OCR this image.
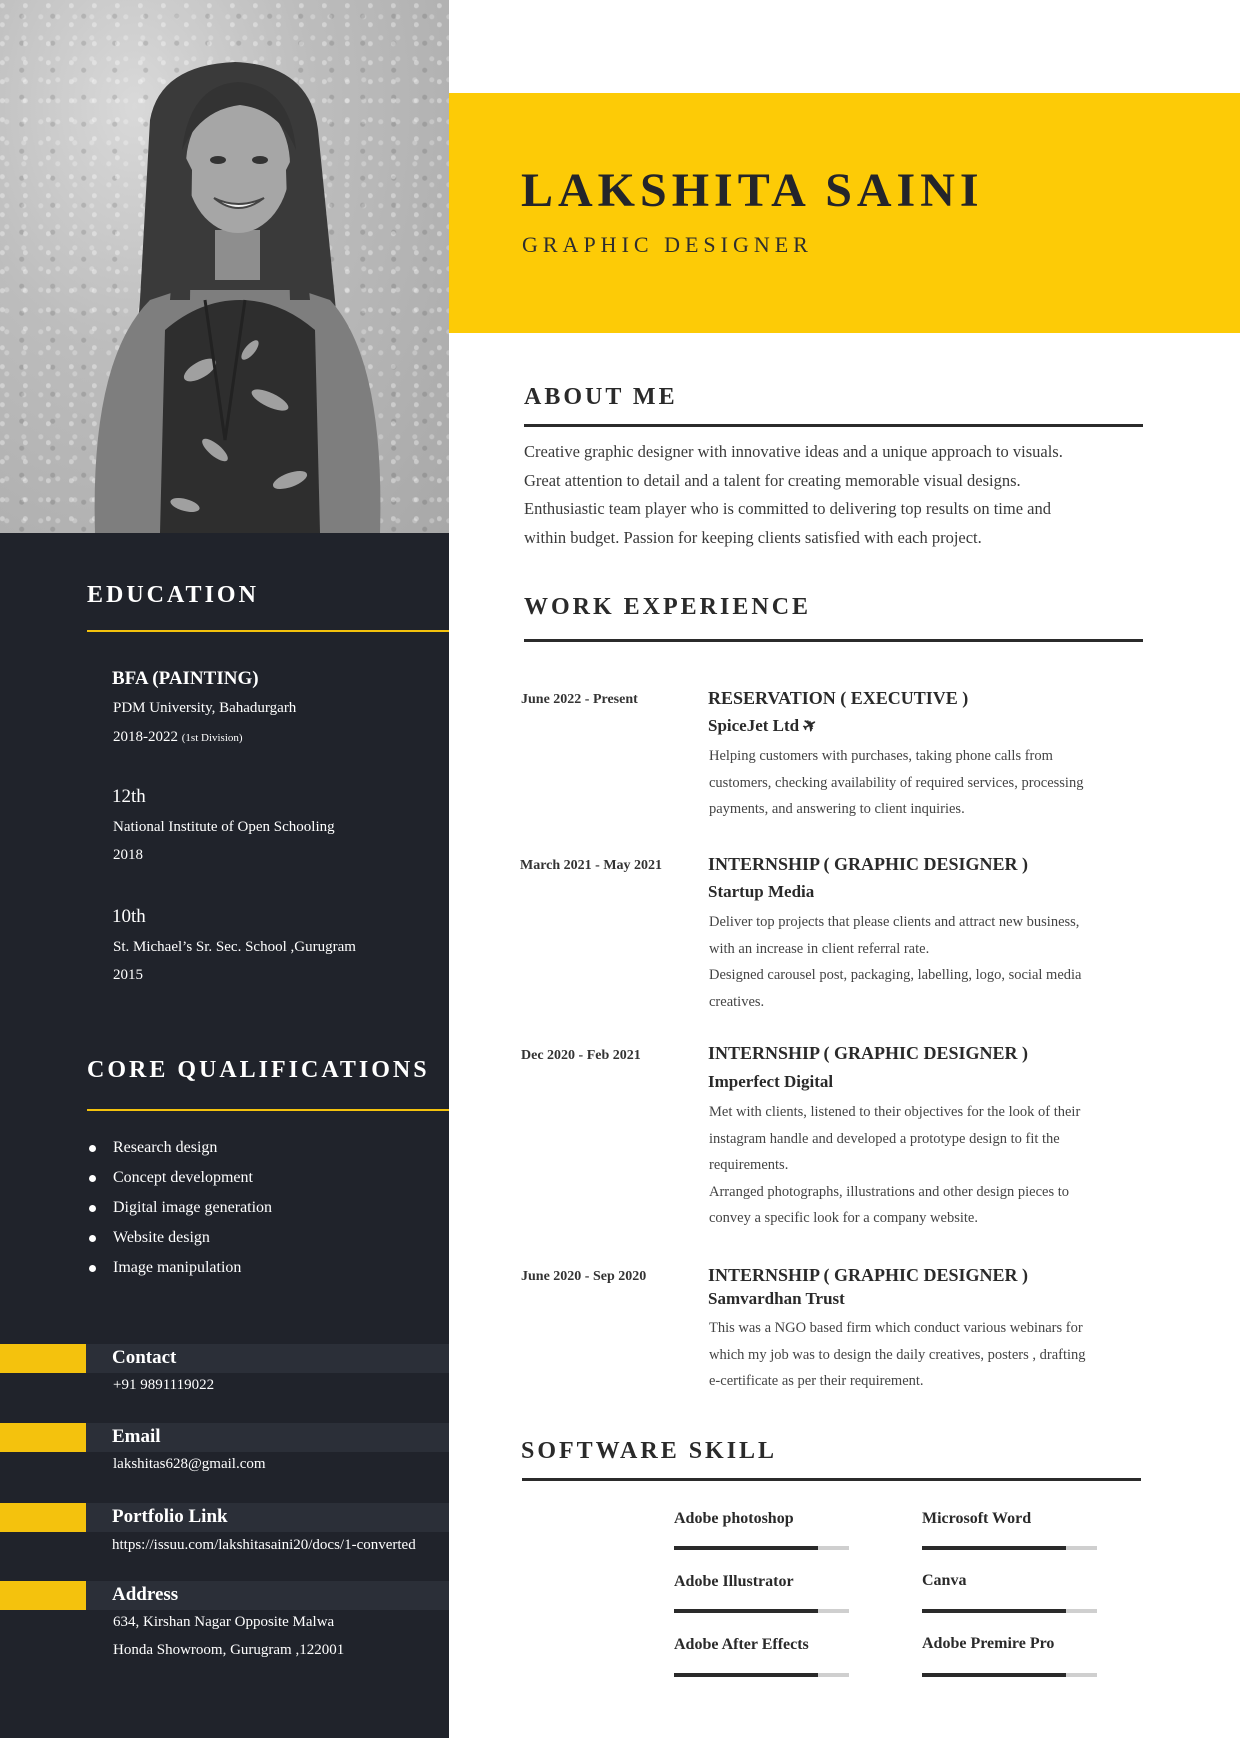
EDUCATION
BFA (PAINTING)
PDM University, Bahadurgarh
2018-2022 (1st Division)
12th
National Institute of Open Schooling
2018
10th
St. Michael’s Sr. Sec. School ,Gurugram
2015
CORE QUALIFICATIONS
Research design
Concept development
Digital image generation
Website design
Image manipulation
Contact
+91 9891119022
Email
lakshitas628@gmail.com
Portfolio Link
https://issuu.com/lakshitasaini20/docs/1-converted
Address
634, Kirshan Nagar Opposite Malwa
Honda Showroom, Gurugram ,122001
LAKSHITA SAINI
GRAPHIC DESIGNER
ABOUT ME
Creative graphic designer with innovative ideas and a unique approach to visuals.
Great attention to detail and a talent for creating memorable visual designs.
Enthusiastic team player who is committed to delivering top results on time and
within budget. Passion for keeping clients satisfied with each project.
WORK EXPERIENCE
June 2022 - Present	RESERVATION ( EXECUTIVE )
SpiceJet Ltd✈
Helping customers with purchases, taking phone calls from
customers, checking availability of required services, processing
payments, and answering to client inquiries.
March 2021 - May 2021	INTERNSHIP ( GRAPHIC DESIGNER )
Startup Media
Deliver top projects that please clients and attract new business,
with an increase in client referral rate.
Designed carousel post, packaging, labelling, logo, social media
creatives.
Dec 2020 - Feb 2021	INTERNSHIP ( GRAPHIC DESIGNER )
Imperfect Digital
Met with clients, listened to their objectives for the look of their
instagram handle and developed a prototype design to fit the
requirements.
Arranged photographs, illustrations and other design pieces to
convey a specific look for a company website.
June 2020 - Sep 2020	INTERNSHIP ( GRAPHIC DESIGNER )
Samvardhan Trust
This was a NGO based firm which conduct various webinars for
which my job was to design the daily creatives, posters , drafting
e-certificate as per their requirement.
SOFTWARE SKILL
Adobe photoshop	Microsoft Word
Adobe Illustrator	Canva
Adobe After Effects	Adobe Premire Pro
